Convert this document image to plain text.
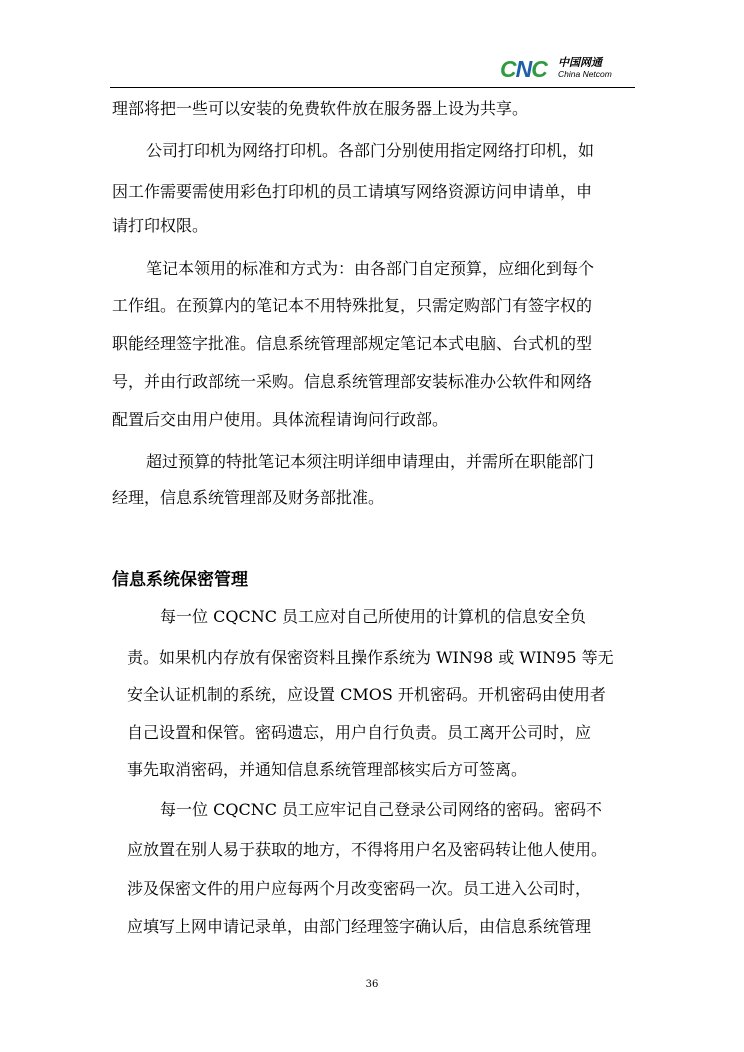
CNC 中国网通
China Netcom
理部将把一些可以安装的免费软件放在服务器上设为共享。
公司打印机为网络打印机。各部门分别使用指定网络打印机，如
因工作需要需使用彩色打印机的员工请填写网络资源访问申请单，申
请打印权限。
笔记本领用的标准和方式为：由各部门自定预算，应细化到每个
工作组。在预算内的笔记本不用特殊批复，只需定购部门有签字权的
职能经理签字批准。信息系统管理部规定笔记本式电脑、台式机的型
号，并由行政部统一采购。信息系统管理部安装标准办公软件和网络
配置后交由用户使用。具体流程请询问行政部。
超过预算的特批笔记本须注明详细申请理由，并需所在职能部门
经理，信息系统管理部及财务部批准。
信息系统保密管理
每一位 CQCNC 员工应对自己所使用的计算机的信息安全负
责。如果机内存放有保密资料且操作系统为 WIN98 或 WIN95 等无
安全认证机制的系统，应设置 CMOS 开机密码。开机密码由使用者
自己设置和保管。密码遗忘，用户自行负责。员工离开公司时，应
事先取消密码，并通知信息系统管理部核实后方可签离。
每一位 CQCNC 员工应牢记自己登录公司网络的密码。密码不
应放置在别人易于获取的地方，不得将用户名及密码转让他人使用。
涉及保密文件的用户应每两个月改变密码一次。员工进入公司时，
应填写上网申请记录单，由部门经理签字确认后，由信息系统管理
36
